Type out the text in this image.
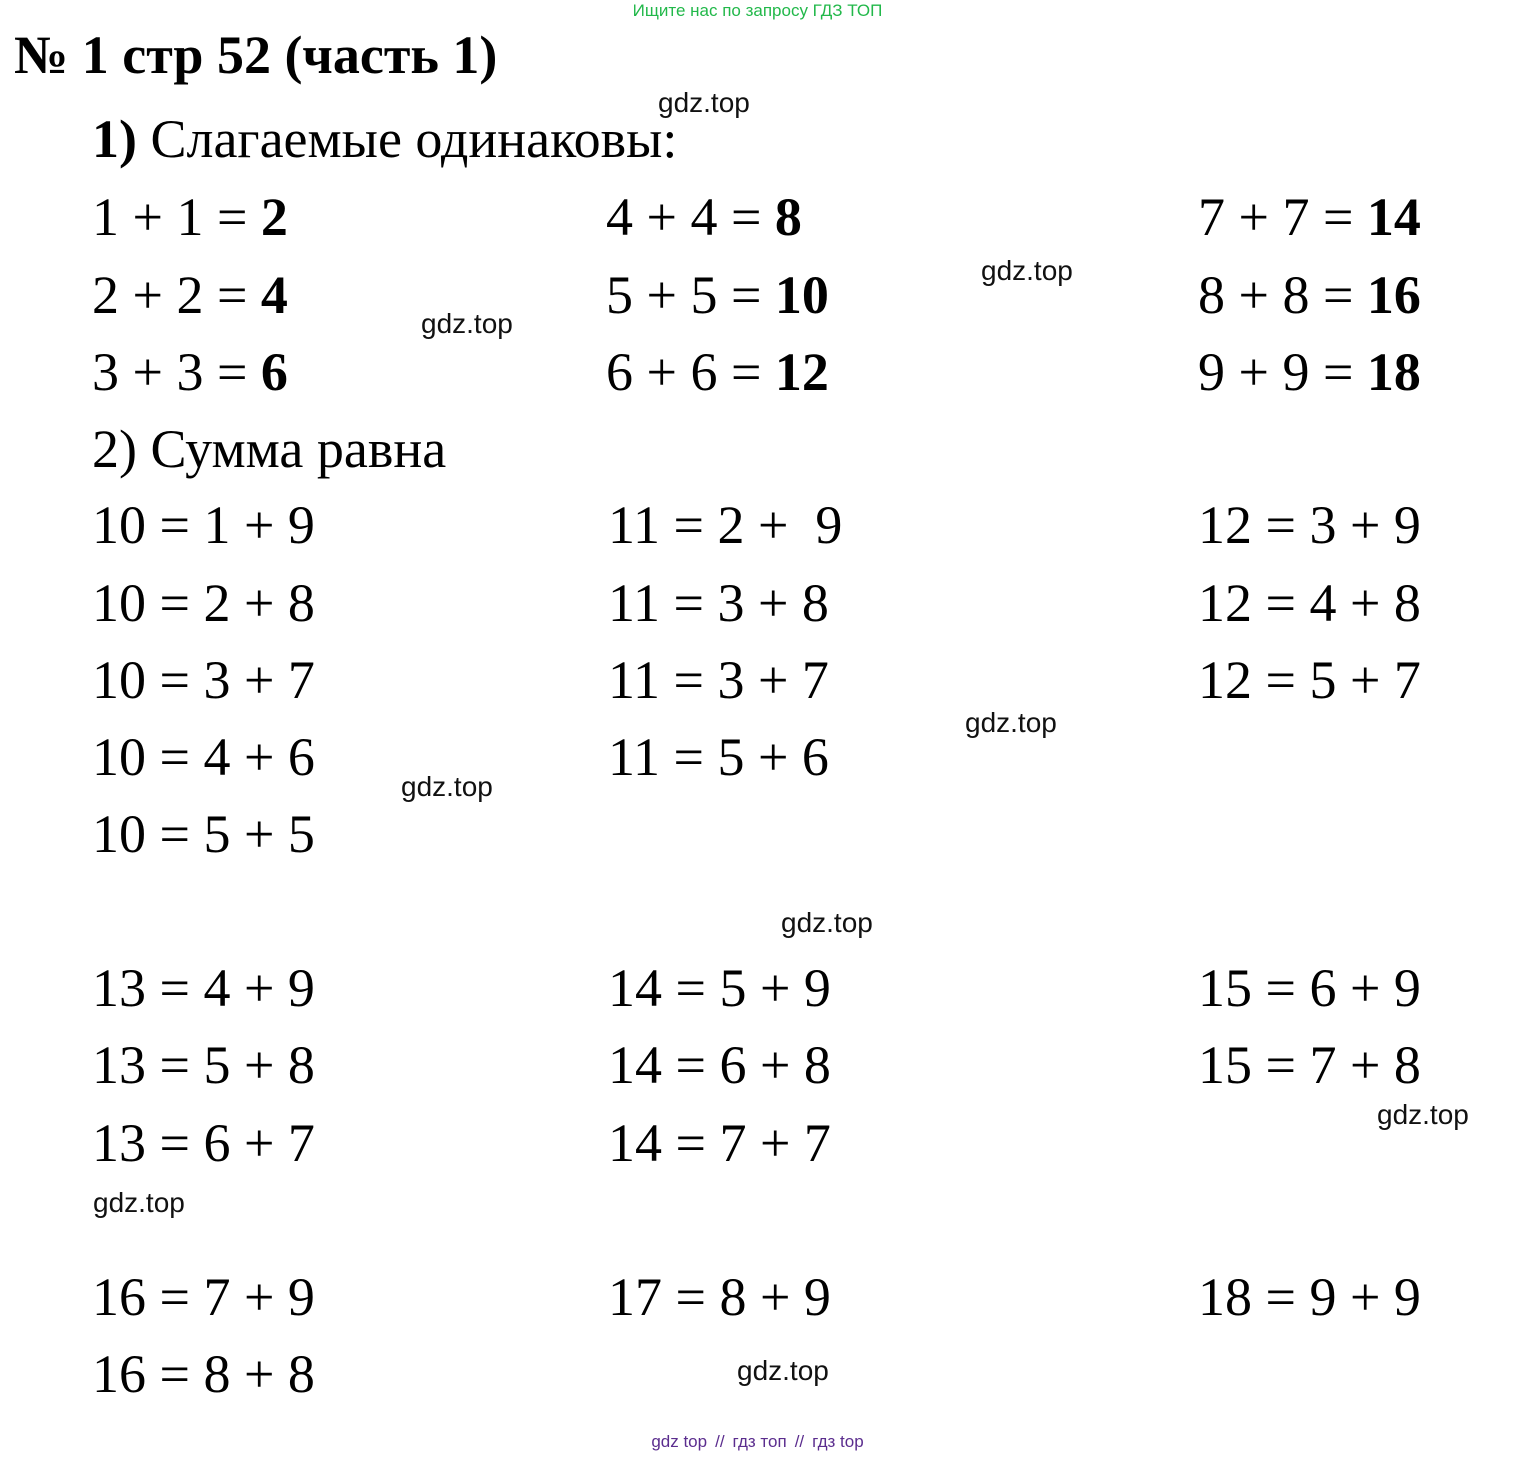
Ищите нас по запросу ГДЗ ТОП
№ 1 стр 52 (часть 1)
1) Слагаемые одинаковы:
1 + 1 = 2
2 + 2 = 4
3 + 3 = 6
4 + 4 = 8
5 + 5 = 10
6 + 6 = 12
7 + 7 = 14
8 + 8 = 16
9 + 9 = 18
2) Сумма равна
10 = 1 + 9
10 = 2 + 8
10 = 3 + 7
10 = 4 + 6
10 = 5 + 5
11 = 2 +  9
11 = 3 + 8
11 = 3 + 7
11 = 5 + 6
12 = 3 + 9
12 = 4 + 8
12 = 5 + 7
13 = 4 + 9
13 = 5 + 8
13 = 6 + 7
14 = 5 + 9
14 = 6 + 8
14 = 7 + 7
15 = 6 + 9
15 = 7 + 8
16 = 7 + 9
16 = 8 + 8
17 = 8 + 9	18 = 9 + 9
gdz.top
gdz.top
gdz.top
gdz.top
gdz.top
gdz.top
gdz.top
gdz.top
gdz.top
gdz top // гдз топ // гдз top
